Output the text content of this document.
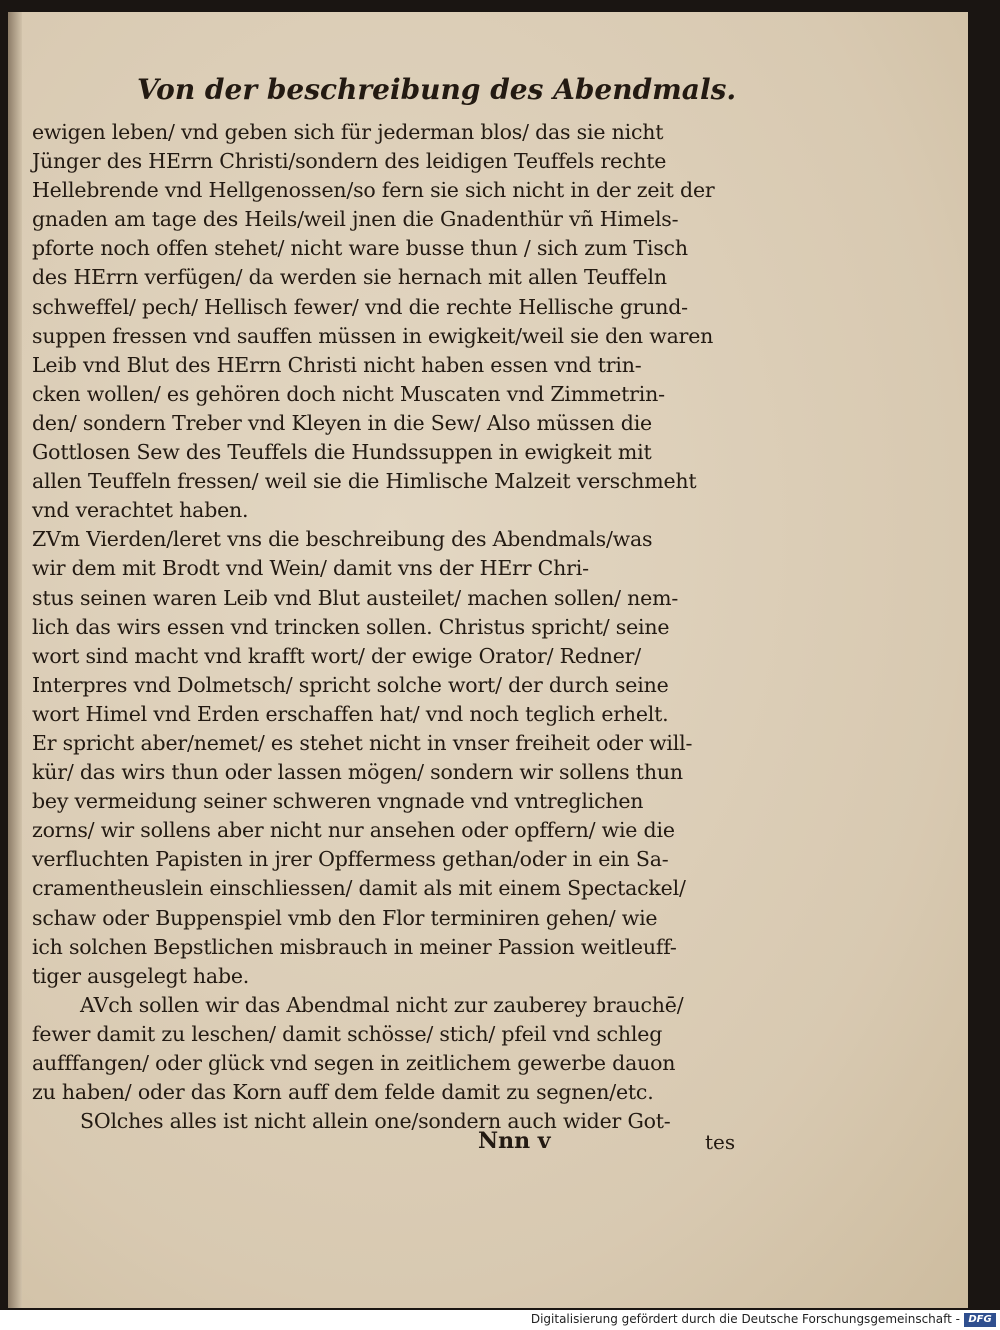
Von der beschreibung des Abendmals.
ewigen leben/ vnd geben sich für jederman blos/ das sie nicht
Jünger des HErrn Christi/sondern des leidigen Teuffels rechte
Hellebrende vnd Hellgenossen/so fern sie sich nicht in der zeit der
gnaden am tage des Heils/weil jnen die Gnadenthür vñ Himels-
pforte noch offen stehet/ nicht ware busse thun / sich zum Tisch
des HErrn verfügen/ da werden sie hernach mit allen Teuffeln
schweffel/ pech/ Hellisch fewer/ vnd die rechte Hellische grund-
suppen fressen vnd sauffen müssen in ewigkeit/weil sie den waren
Leib vnd Blut des HErrn Christi nicht haben essen vnd trin-
cken wollen/ es gehören doch nicht Muscaten vnd Zimmetrin-
den/ sondern Treber vnd Kleyen in die Sew/ Also müssen die
Gottlosen Sew des Teuffels die Hundssuppen in ewigkeit mit
allen Teuffeln fressen/ weil sie die Himlische Malzeit verschmeht
vnd verachtet haben.
ZVm Vierden/leret vns die beschreibung des Abendmals/was
wir dem mit Brodt vnd Wein/ damit vns der HErr Chri-
stus seinen waren Leib vnd Blut austeilet/ machen sollen/ nem-
lich das wirs essen vnd trincken sollen. Christus spricht/ seine
wort sind macht vnd krafft wort/ der ewige Orator/ Redner/
Interpres vnd Dolmetsch/ spricht solche wort/ der durch seine
wort Himel vnd Erden erschaffen hat/ vnd noch teglich erhelt.
Er spricht aber/nemet/ es stehet nicht in vnser freiheit oder will-
kür/ das wirs thun oder lassen mögen/ sondern wir sollens thun
bey vermeidung seiner schweren vngnade vnd vntreglichen
zorns/ wir sollens aber nicht nur ansehen oder opffern/ wie die
verfluchten Papisten in jrer Opffermess gethan/oder in ein Sa-
cramentheuslein einschliessen/ damit als mit einem Spectackel/
schaw oder Buppenspiel vmb den Flor terminiren gehen/ wie
ich solchen Bepstlichen misbrauch in meiner Passion weitleuff-
tiger ausgelegt habe.
AVch sollen wir das Abendmal nicht zur zauberey brauchē/
fewer damit zu leschen/ damit schösse/ stich/ pfeil vnd schleg
aufffangen/ oder glück vnd segen in zeitlichem gewerbe dauon
zu haben/ oder das Korn auff dem felde damit zu segnen/etc.
SOlches alles ist nicht allein one/sondern auch wider Got-
Nnn v	tes
Digitalisierung gefördert durch die Deutsche Forschungsgemeinschaft - DFG
